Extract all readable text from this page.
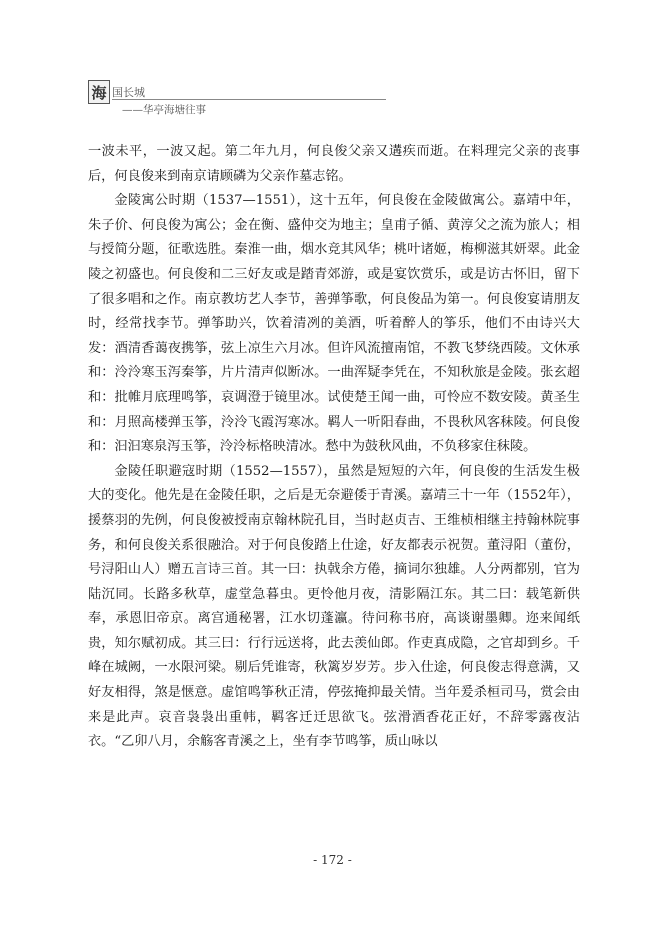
海 国长城
——华亭海塘往事

一波未平，一波又起。第二年九月，何良俊父亲又遘疾而逝。在料理完父亲的丧事后，何良俊来到南京请顾磷为父亲作墓志铭。

金陵寓公时期（1537—1551），这十五年，何良俊在金陵做寓公。嘉靖中年，朱子价、何良俊为寓公；金在衡、盛仲交为地主；皇甫子循、黄淳父之流为旅人；相与授简分题，征歌选胜。秦淮一曲，烟水竞其风华；桃叶诸姬，梅柳滋其妍翠。此金陵之初盛也。何良俊和二三好友或是踏青郊游，或是宴饮赏乐，或是访古怀旧，留下了很多唱和之作。南京教坊艺人李节，善弹筝歌，何良俊品为第一。何良俊宴请朋友时，经常找李节。弹筝助兴，饮着清冽的美酒，听着醉人的筝乐，他们不由诗兴大发：酒清香蔼夜携筝，弦上凉生六月冰。但许风流擅南馆，不教飞梦绕西陵。文休承和：泠泠寒玉泻秦筝，片片清声似断冰。一曲浑疑李凭在，不知秋旅是金陵。张玄超和：批帷月底理鸣筝，哀调澄于镜里冰。试使楚王闻一曲，可怜应不数安陵。黄圣生和：月照高楼弹玉筝，泠泠飞霞泻寒冰。羁人一听阳春曲，不畏秋风客秣陵。何良俊和：汩汩寒泉泻玉筝，泠泠标格映清冰。愁中为鼓秋风曲，不负移家住秣陵。

金陵任职避寇时期（1552—1557），虽然是短短的六年，何良俊的生活发生极大的变化。他先是在金陵任职，之后是无奈避倭于青溪。嘉靖三十一年（1552年），援蔡羽的先例，何良俊被授南京翰林院孔目，当时赵贞吉、王维桢相继主持翰林院事务，和何良俊关系很融洽。对于何良俊踏上仕途，好友都表示祝贺。董浔阳（董份，号浔阳山人）赠五言诗三首。其一曰：执戟余方倦，摘词尔独雄。人分两都别，官为陆沉同。长路多秋草，虚堂急暮虫。更怜他月夜，清影隔江东。其二曰：载笔新供奉，承恩旧帝京。离宫通秘署，江水切蓬瀛。待问称书府，高谈谢墨卿。迩来闻纸贵，知尔赋初成。其三曰：行行远送将，此去羡仙郎。作吏真成隐，之官却到乡。千峰在城阙，一水限河梁。剔后凭谁寄，秋篱岁岁芳。步入仕途，何良俊志得意满，又好友相得，煞是惬意。虚馆鸣筝秋正清，停弦掩抑最关情。当年爰杀桓司马，赏会由来是此声。哀音袅袅出重帏，羁客迁迁思欲飞。弦滑酒香花正好，不辞零露夜沾衣。“乙卯八月，余觞客青溪之上，坐有李节鸣筝，质山咏以

- 172 -
